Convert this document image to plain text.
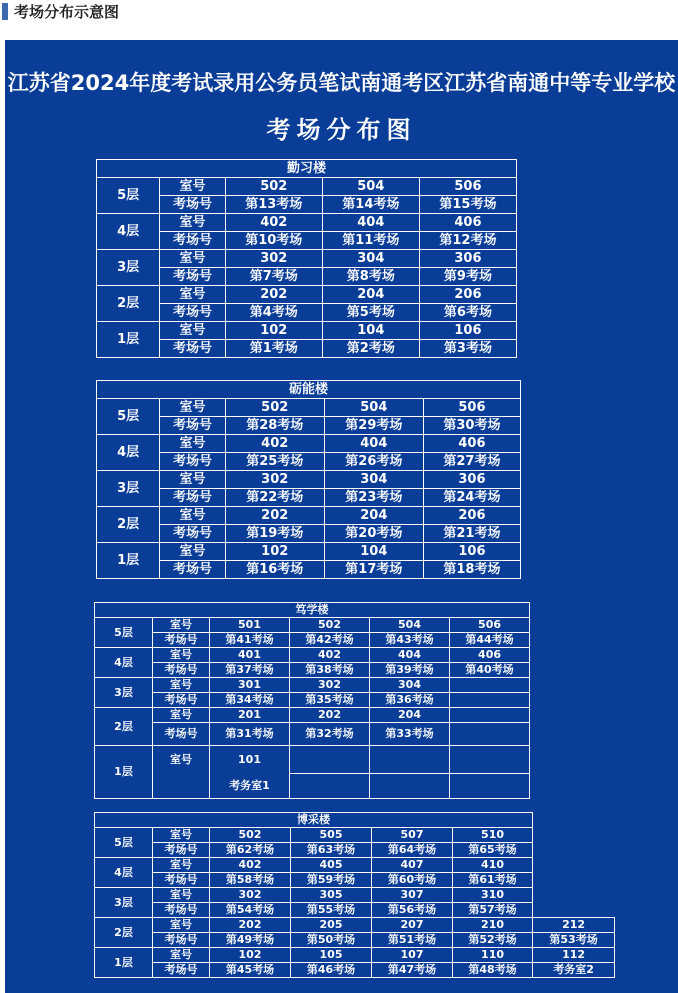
考场分布示意图
江苏省2024年度考试录用公务员笔试南通考区江苏省南通中等专业学校
考场分布图
勤习楼				
5层	室号	502	504	506
	考场号	第13考场	第14考场	第15考场
4层	室号	402	404	406
	考场号	第10考场	第11考场	第12考场
3层	室号	302	304	306
	考场号	第7考场	第8考场	第9考场
2层	室号	202	204	206
	考场号	第4考场	第5考场	第6考场
1层	室号	102	104	106
	考场号	第1考场	第2考场	第3考场
砺能楼				
5层	室号	502	504	506
	考场号	第28考场	第29考场	第30考场
4层	室号	402	404	406
	考场号	第25考场	第26考场	第27考场
3层	室号	302	304	306
	考场号	第22考场	第23考场	第24考场
2层	室号	202	204	206
	考场号	第19考场	第20考场	第21考场
1层	室号	102	104	106
	考场号	第16考场	第17考场	第18考场
笃学楼					
5层	室号	501	502	504	506
	考场号	第41考场	第42考场	第43考场	第44考场
4层	室号	401	402	404	406
	考场号	第37考场	第38考场	第39考场	第40考场
3层	室号	301	302	304	
	考场号	第34考场	第35考场	第36考场	
2层	室号	201	202	204	
	考场号	第31考场	第32考场	第33考场	
1层	室号	101			
		考务室1			
博采楼						
5层	室号	502	505	507	510	
	考场号	第62考场	第63考场	第64考场	第65考场	
4层	室号	402	405	407	410	
	考场号	第58考场	第59考场	第60考场	第61考场	
3层	室号	302	305	307	310	
	考场号	第54考场	第55考场	第56考场	第57考场	
2层	室号	202	205	207	210	212
	考场号	第49考场	第50考场	第51考场	第52考场	第53考场
1层	室号	102	105	107	110	112
	考场号	第45考场	第46考场	第47考场	第48考场	考务室2
